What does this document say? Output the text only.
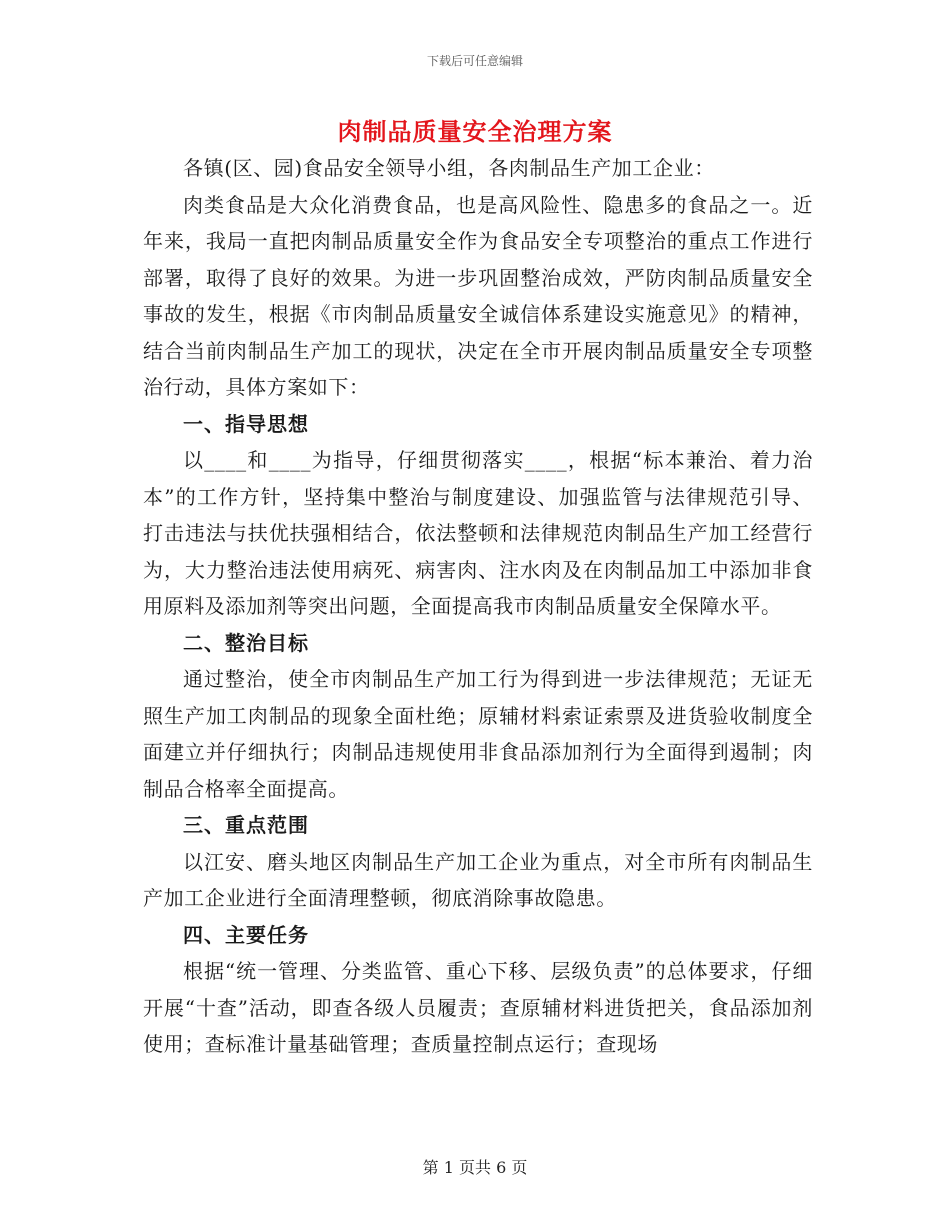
下载后可任意编辑
肉制品质量安全治理方案

各镇(区、园)食品安全领导小组，各肉制品生产加工企业：

肉类食品是大众化消费食品，也是高风险性、隐患多的食品之一。近年来，我局一直把肉制品质量安全作为食品安全专项整治的重点工作进行部署，取得了良好的效果。为进一步巩固整治成效，严防肉制品质量安全事故的发生，根据《市肉制品质量安全诚信体系建设实施意见》的精神，结合当前肉制品生产加工的现状，决定在全市开展肉制品质量安全专项整治行动，具体方案如下：

一、指导思想

以____和____为指导，仔细贯彻落实____，根据“标本兼治、着力治本”的工作方针，坚持集中整治与制度建设、加强监管与法律规范引导、打击违法与扶优扶强相结合，依法整顿和法律规范肉制品生产加工经营行为，大力整治违法使用病死、病害肉、注水肉及在肉制品加工中添加非食用原料及添加剂等突出问题，全面提高我市肉制品质量安全保障水平。

二、整治目标

通过整治，使全市肉制品生产加工行为得到进一步法律规范；无证无照生产加工肉制品的现象全面杜绝；原辅材料索证索票及进货验收制度全面建立并仔细执行；肉制品违规使用非食品添加剂行为全面得到遏制；肉制品合格率全面提高。

三、重点范围

以江安、磨头地区肉制品生产加工企业为重点，对全市所有肉制品生产加工企业进行全面清理整顿，彻底消除事故隐患。

四、主要任务

根据“统一管理、分类监管、重心下移、层级负责”的总体要求，仔细开展“十查”活动，即查各级人员履责；查原辅材料进货把关，食品添加剂使用；查标准计量基础管理；查质量控制点运行；查现场

第 1 页共 6 页
